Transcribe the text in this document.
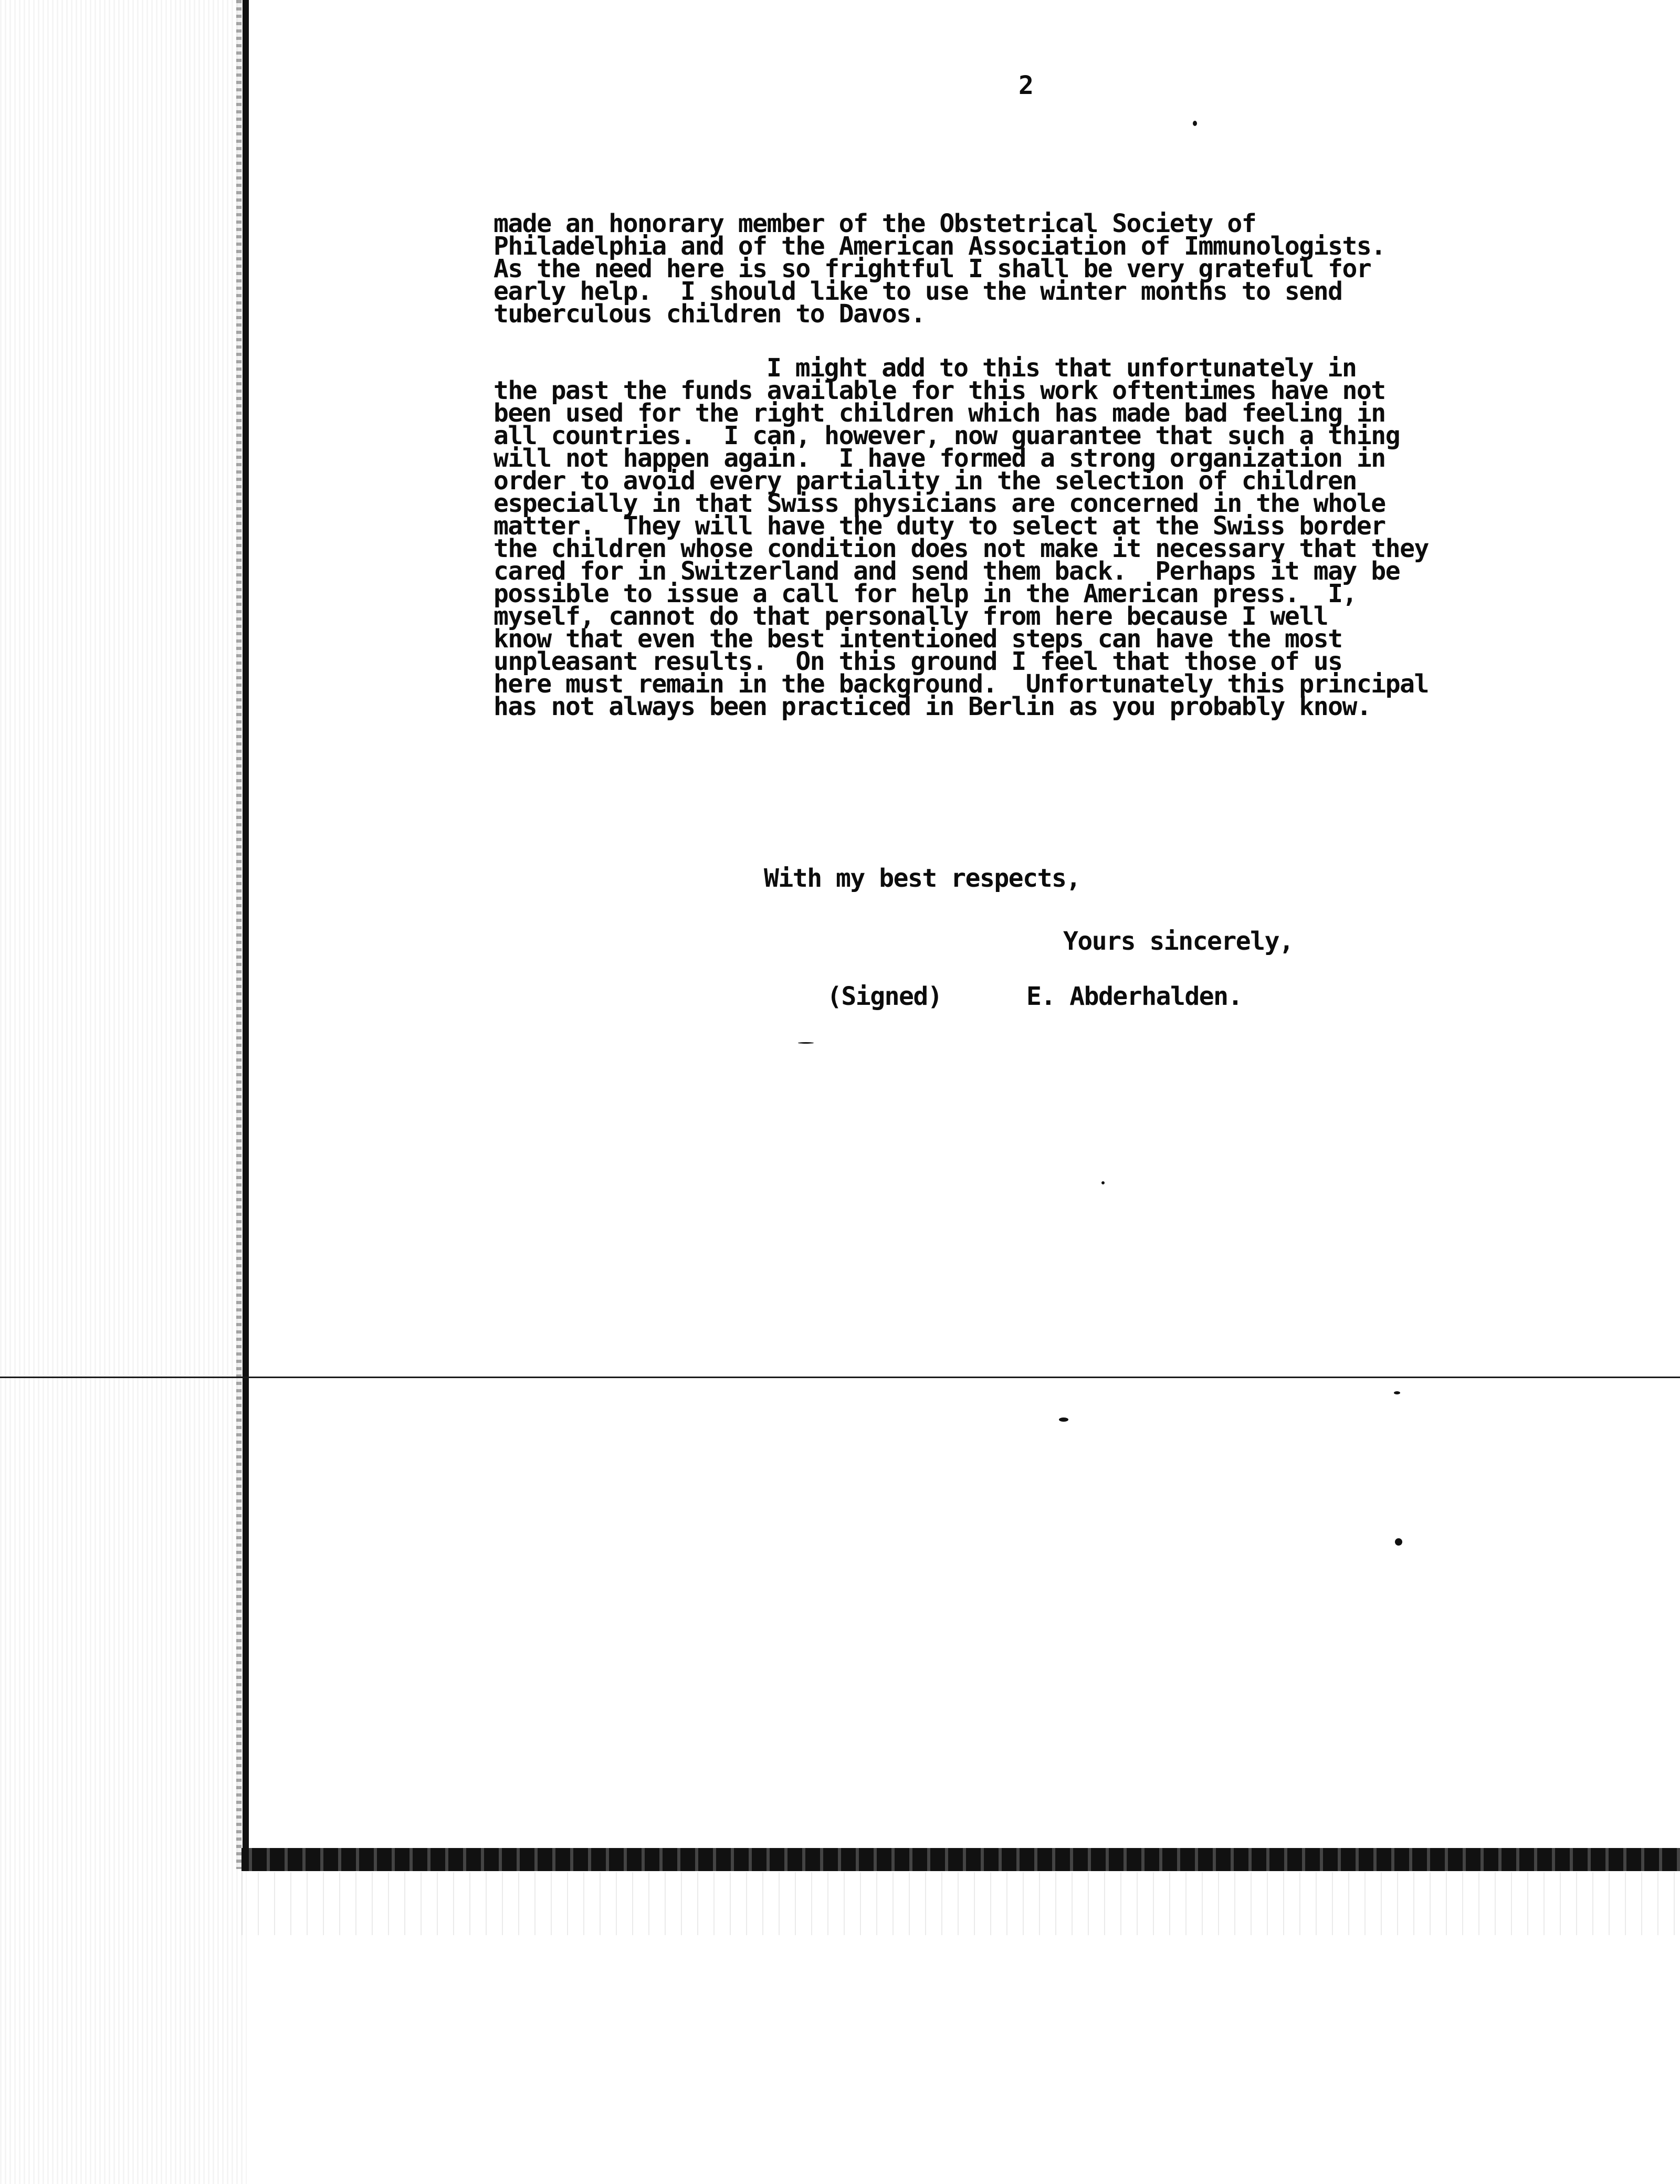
2
made an honorary member of the Obstetrical Society of
Philadelphia and of the American Association of Immunologists.
As the need here is so frightful I shall be very grateful for
early help.  I should like to use the winter months to send
tuberculous children to Davos.
I might add to this that unfortunately in
the past the funds available for this work oftentimes have not
been used for the right children which has made bad feeling in
all countries.  I can, however, now guarantee that such a thing
will not happen again.  I have formed a strong organization in
order to avoid every partiality in the selection of children
especially in that Swiss physicians are concerned in the whole
matter.  They will have the duty to select at the Swiss border
the children whose condition does not make it necessary that they
cared for in Switzerland and send them back.  Perhaps it may be
possible to issue a call for help in the American press.  I,
myself, cannot do that personally from here because I well
know that even the best intentioned steps can have the most
unpleasant results.  On this ground I feel that those of us
here must remain in the background.  Unfortunately this principal
has not always been practiced in Berlin as you probably know.
With my best respects,
Yours sincerely,
(Signed)	E. Abderhalden.
